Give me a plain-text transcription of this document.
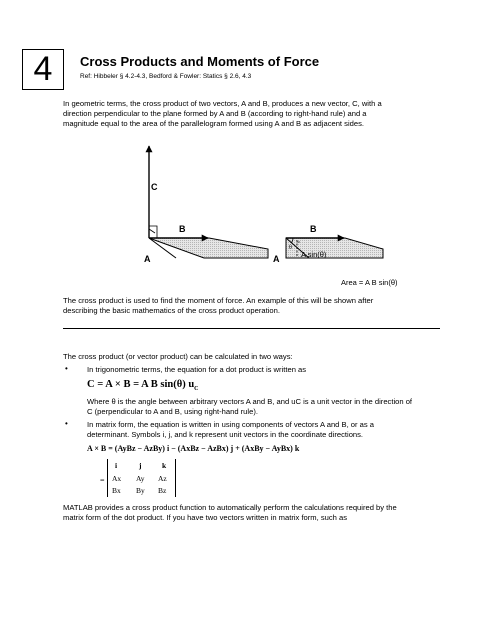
4	Cross Products and Moments of Force
Ref: Hibbeler § 4.2-4.3, Bedford & Fowler: Statics § 2.6, 4.3
In geometric terms, the cross product of two vectors, A and B, produces a new vector, C, with a
direction perpendicular to the plane formed by A and B (according to right-hand rule) and a
magnitude equal to the area of the parallelogram formed using A and B as adjacent sides.
C
B
A
B
A
θ
A sin(θ)
Area = A B sin(θ)
The cross product is used to find the moment of force. An example of this will be shown after
describing the basic mathematics of the cross product operation.
The cross product (or vector product) can be calculated in two ways:
•	In trigonometric terms, the equation for a dot product is written as
C = A × B = A B sin(θ) $u_C$
Where θ is the angle between arbitrary vectors A and B, and uC is a unit vector in the direction of
C (perpendicular to A and B, using right-hand rule).
•	In matrix form, the equation is written in using components of vectors A and B, or as a
determinant. Symbols i, j, and k represent unit vectors in the coordinate directions.
A × B = (AyBz − AzBy) i − (AxBz − AzBx) j + (AxBy − AyBx) k
=
i	j	k
Ax Ay Az
Bx By Bz
MATLAB provides a cross product function to automatically perform the calculations required by the
matrix form of the dot product. If you have two vectors written in matrix form, such as
